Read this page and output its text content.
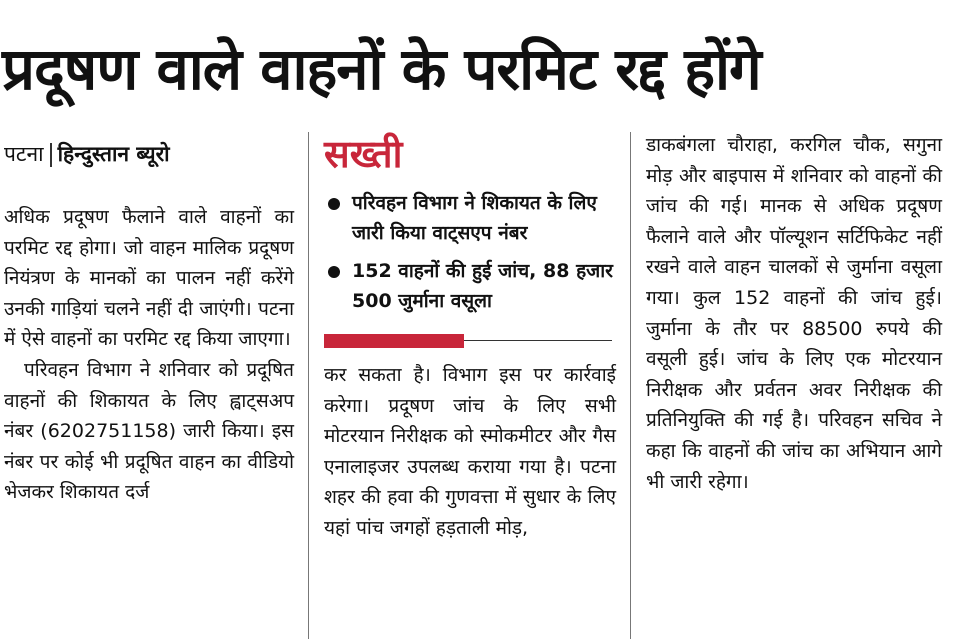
प्रदूषण वाले वाहनों के परमिट रद्द होंगे
पटना हिन्दुस्तान ब्यूरो

अधिक प्रदूषण फैलाने वाले वाहनों का परमिट रद्द होगा। जो वाहन मालिक प्रदूषण नियंत्रण के मानकों का पालन नहीं करेंगे उनकी गाड़ियां चलने नहीं दी जाएंगी। पटना में ऐसे वाहनों का परमिट रद्द किया जाएगा।

परिवहन विभाग ने शनिवार को प्रदूषित वाहनों की शिकायत के लिए ह्वाट्सअप नंबर (6202751158) जारी किया। इस नंबर पर कोई भी प्रदूषित वाहन का वीडियो भेजकर शिकायत दर्ज

सख्ती
परिवहन विभाग ने शिकायत के लिए जारी किया वाट्सएप नंबर
152 वाहनों की हुई जांच, 88 हजार 500 जुर्माना वसूला

कर सकता है। विभाग इस पर कार्रवाई करेगा। प्रदूषण जांच के लिए सभी मोटरयान निरीक्षक को स्मोकमीटर और गैस एनालाइजर उपलब्ध कराया गया है। पटना शहर की हवा की गुणवत्ता में सुधार के लिए यहां पांच जगहों हड़ताली मोड़,

डाकबंगला चौराहा, करगिल चौक, सगुना मोड़ और बाइपास में शनिवार को वाहनों की जांच की गई। मानक से अधिक प्रदूषण फैलाने वाले और पॉल्यूशन सर्टिफिकेट नहीं रखने वाले वाहन चालकों से जुर्माना वसूला गया। कुल 152 वाहनों की जांच हुई। जुर्माना के तौर पर 88500 रुपये की वसूली हुई। जांच के लिए एक मोटरयान निरीक्षक और प्रर्वतन अवर निरीक्षक की प्रतिनियुक्ति की गई है। परिवहन सचिव ने कहा कि वाहनों की जांच का अभियान आगे भी जारी रहेगा।
